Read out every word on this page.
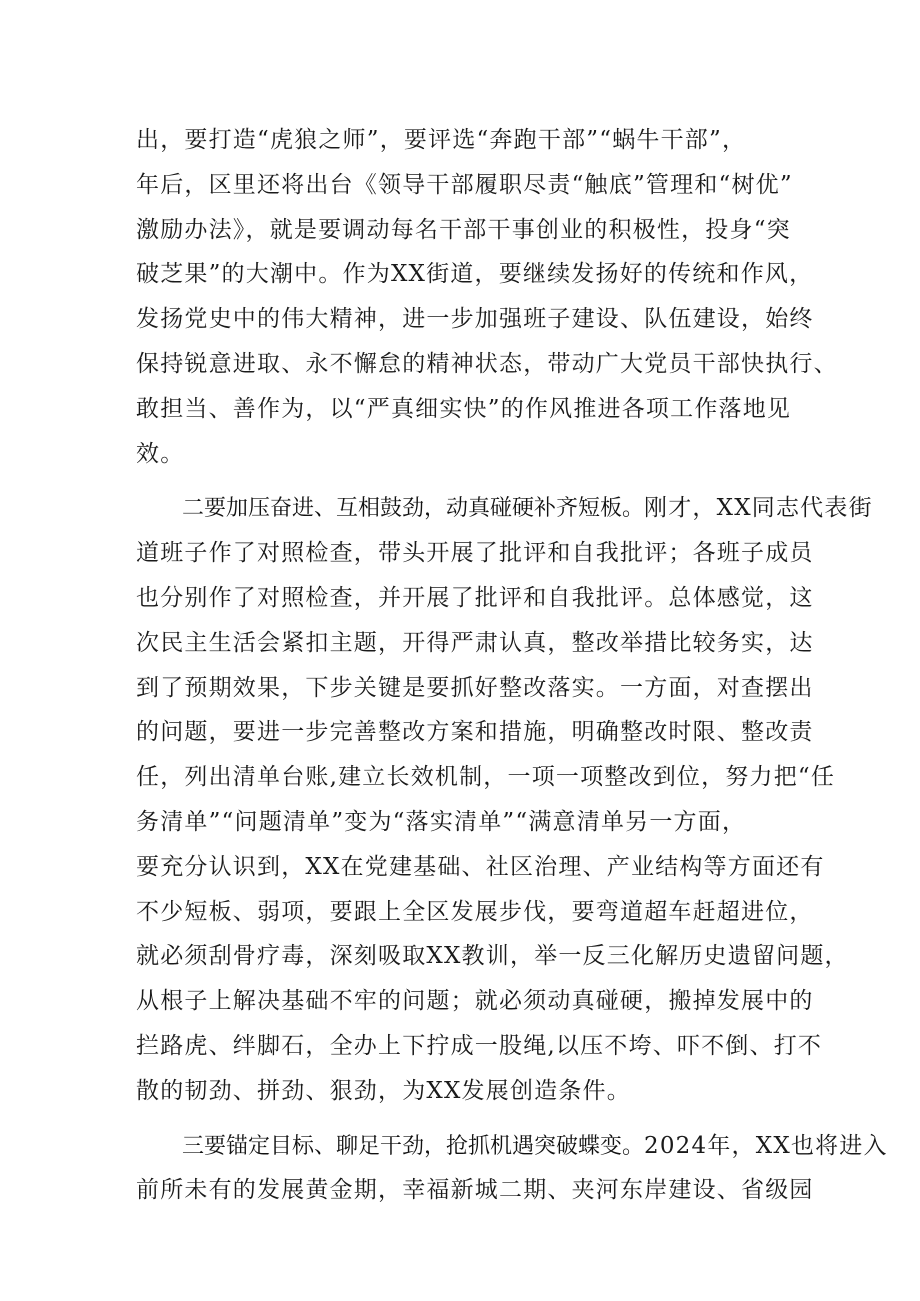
出，要打造“虎狼之师”，要评选“奔跑干部”“蜗牛干部”，
年后，区里还将出台《领导干部履职尽责“触底”管理和“树优”
激励办法》，就是要调动每名干部干事创业的积极性，投身“突
破芝果”的大潮中。作为XX街道，要继续发扬好的传统和作风，
发扬党史中的伟大精神，进一步加强班子建设、队伍建设，始终
保持锐意进取、永不懈怠的精神状态，带动广大党员干部快执行、
敢担当、善作为，以“严真细实快”的作风推进各项工作落地见
效。
二要加压奋进、互相鼓劲，动真碰硬补齐短板。刚才，XX同志代表街
道班子作了对照检查，带头开展了批评和自我批评；各班子成员
也分别作了对照检查，并开展了批评和自我批评。总体感觉，这
次民主生活会紧扣主题，开得严肃认真，整改举措比较务实，达
到了预期效果，下步关键是要抓好整改落实。一方面，对查摆出
的问题，要进一步完善整改方案和措施，明确整改时限、整改责
任，列出清单台账,建立长效机制，一项一项整改到位，努力把“任
务清单”“问题清单”变为“落实清单”“满意清单另一方面，
要充分认识到，XX在党建基础、社区治理、产业结构等方面还有
不少短板、弱项，要跟上全区发展步伐，要弯道超车赶超进位，
就必须刮骨疗毒，深刻吸取XX教训，举一反三化解历史遗留问题，
从根子上解决基础不牢的问题；就必须动真碰硬，搬掉发展中的
拦路虎、绊脚石，全办上下拧成一股绳,以压不垮、吓不倒、打不
散的韧劲、拼劲、狠劲，为XX发展创造条件。
三要锚定目标、聊足干劲，抢抓机遇突破蝶变。2024年，XX也将进入
前所未有的发展黄金期，幸福新城二期、夹河东岸建设、省级园
